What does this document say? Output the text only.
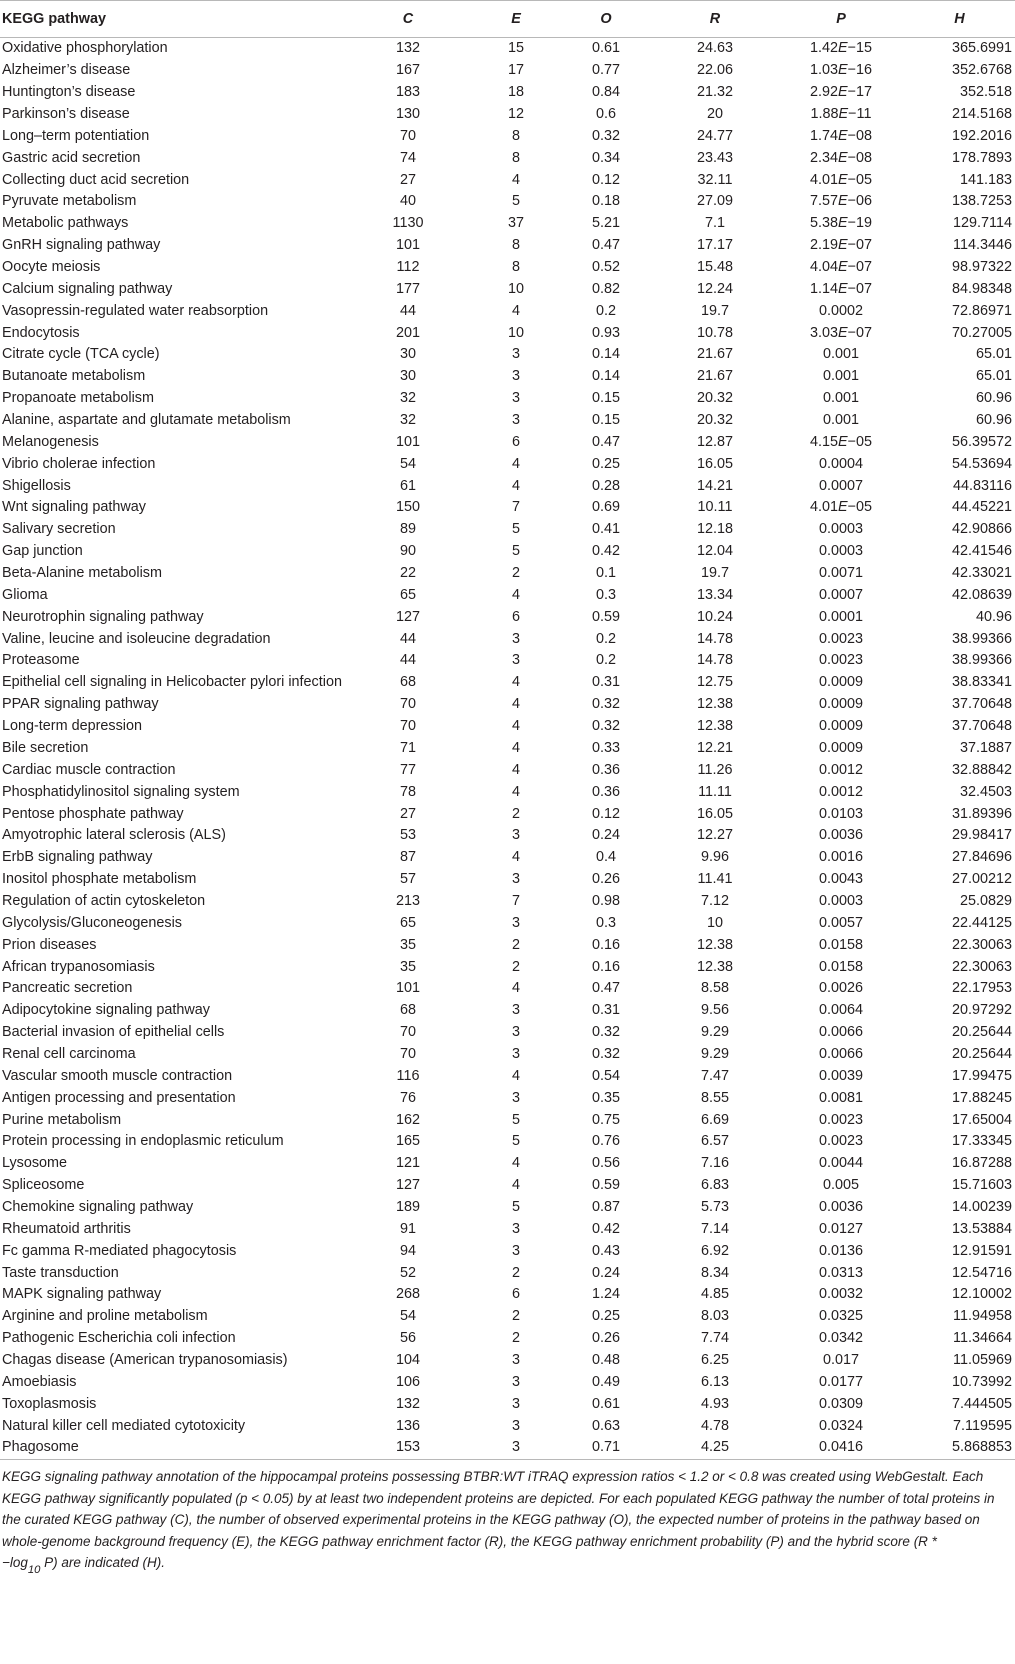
KEGG pathway	C	E	O	R	P	H
Oxidative phosphorylation	132	15	0.61	24.63	1.42E−15	365.6991
Alzheimer’s disease	167	17	0.77	22.06	1.03E−16	352.6768
Huntington’s disease	183	18	0.84	21.32	2.92E−17	352.518
Parkinson’s disease	130	12	0.6	20	1.88E−11	214.5168
Long–term potentiation	70	8	0.32	24.77	1.74E−08	192.2016
Gastric acid secretion	74	8	0.34	23.43	2.34E−08	178.7893
Collecting duct acid secretion	27	4	0.12	32.11	4.01E−05	141.183
Pyruvate metabolism	40	5	0.18	27.09	7.57E−06	138.7253
Metabolic pathways	1130	37	5.21	7.1	5.38E−19	129.7114
GnRH signaling pathway	101	8	0.47	17.17	2.19E−07	114.3446
Oocyte meiosis	112	8	0.52	15.48	4.04E−07	98.97322
Calcium signaling pathway	177	10	0.82	12.24	1.14E−07	84.98348
Vasopressin-regulated water reabsorption	44	4	0.2	19.7	0.0002	72.86971
Endocytosis	201	10	0.93	10.78	3.03E−07	70.27005
Citrate cycle (TCA cycle)	30	3	0.14	21.67	0.001	65.01
Butanoate metabolism	30	3	0.14	21.67	0.001	65.01
Propanoate metabolism	32	3	0.15	20.32	0.001	60.96
Alanine, aspartate and glutamate metabolism	32	3	0.15	20.32	0.001	60.96
Melanogenesis	101	6	0.47	12.87	4.15E−05	56.39572
Vibrio cholerae infection	54	4	0.25	16.05	0.0004	54.53694
Shigellosis	61	4	0.28	14.21	0.0007	44.83116
Wnt signaling pathway	150	7	0.69	10.11	4.01E−05	44.45221
Salivary secretion	89	5	0.41	12.18	0.0003	42.90866
Gap junction	90	5	0.42	12.04	0.0003	42.41546
Beta-Alanine metabolism	22	2	0.1	19.7	0.0071	42.33021
Glioma	65	4	0.3	13.34	0.0007	42.08639
Neurotrophin signaling pathway	127	6	0.59	10.24	0.0001	40.96
Valine, leucine and isoleucine degradation	44	3	0.2	14.78	0.0023	38.99366
Proteasome	44	3	0.2	14.78	0.0023	38.99366
Epithelial cell signaling in Helicobacter pylori infection	68	4	0.31	12.75	0.0009	38.83341
PPAR signaling pathway	70	4	0.32	12.38	0.0009	37.70648
Long-term depression	70	4	0.32	12.38	0.0009	37.70648
Bile secretion	71	4	0.33	12.21	0.0009	37.1887
Cardiac muscle contraction	77	4	0.36	11.26	0.0012	32.88842
Phosphatidylinositol signaling system	78	4	0.36	11.11	0.0012	32.4503
Pentose phosphate pathway	27	2	0.12	16.05	0.0103	31.89396
Amyotrophic lateral sclerosis (ALS)	53	3	0.24	12.27	0.0036	29.98417
ErbB signaling pathway	87	4	0.4	9.96	0.0016	27.84696
Inositol phosphate metabolism	57	3	0.26	11.41	0.0043	27.00212
Regulation of actin cytoskeleton	213	7	0.98	7.12	0.0003	25.0829
Glycolysis/Gluconeogenesis	65	3	0.3	10	0.0057	22.44125
Prion diseases	35	2	0.16	12.38	0.0158	22.30063
African trypanosomiasis	35	2	0.16	12.38	0.0158	22.30063
Pancreatic secretion	101	4	0.47	8.58	0.0026	22.17953
Adipocytokine signaling pathway	68	3	0.31	9.56	0.0064	20.97292
Bacterial invasion of epithelial cells	70	3	0.32	9.29	0.0066	20.25644
Renal cell carcinoma	70	3	0.32	9.29	0.0066	20.25644
Vascular smooth muscle contraction	116	4	0.54	7.47	0.0039	17.99475
Antigen processing and presentation	76	3	0.35	8.55	0.0081	17.88245
Purine metabolism	162	5	0.75	6.69	0.0023	17.65004
Protein processing in endoplasmic reticulum	165	5	0.76	6.57	0.0023	17.33345
Lysosome	121	4	0.56	7.16	0.0044	16.87288
Spliceosome	127	4	0.59	6.83	0.005	15.71603
Chemokine signaling pathway	189	5	0.87	5.73	0.0036	14.00239
Rheumatoid arthritis	91	3	0.42	7.14	0.0127	13.53884
Fc gamma R-mediated phagocytosis	94	3	0.43	6.92	0.0136	12.91591
Taste transduction	52	2	0.24	8.34	0.0313	12.54716
MAPK signaling pathway	268	6	1.24	4.85	0.0032	12.10002
Arginine and proline metabolism	54	2	0.25	8.03	0.0325	11.94958
Pathogenic Escherichia coli infection	56	2	0.26	7.74	0.0342	11.34664
Chagas disease (American trypanosomiasis)	104	3	0.48	6.25	0.017	11.05969
Amoebiasis	106	3	0.49	6.13	0.0177	10.73992
Toxoplasmosis	132	3	0.61	4.93	0.0309	7.444505
Natural killer cell mediated cytotoxicity	136	3	0.63	4.78	0.0324	7.119595
Phagosome	153	3	0.71	4.25	0.0416	5.868853
KEGG signaling pathway annotation of the hippocampal proteins possessing BTBR:WT iTRAQ expression ratios < 1.2 or < 0.8 was created using WebGestalt. Each KEGG pathway significantly populated (p < 0.05) by at least two independent proteins are depicted. For each populated KEGG pathway the number of total proteins in the curated KEGG pathway (C), the number of observed experimental proteins in the KEGG pathway (O), the expected number of proteins in the pathway based on whole-genome background frequency (E), the KEGG pathway enrichment factor (R), the KEGG pathway enrichment probability (P) and the hybrid score (R *
$-\log_{10}$ P) are indicated (H).
